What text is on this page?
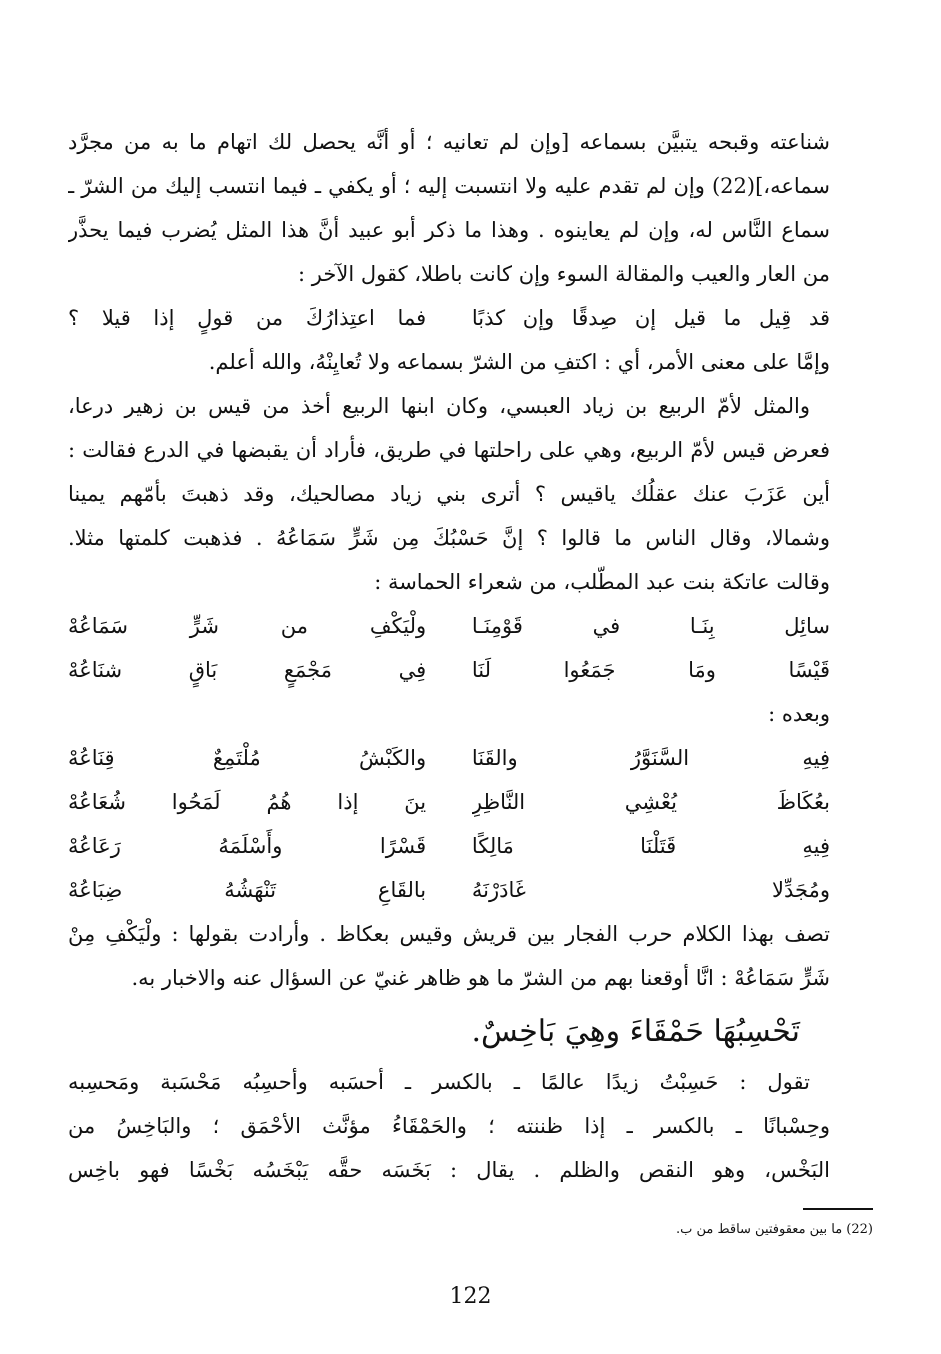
شناعته وقبحه يتبيَّن بسماعه [وإن لم تعانيه ؛ أو أنَّه يحصل لك اتهام ما به من مجرَّد
سماعه،](22) وإن لم تقدم عليه ولا انتسبت إليه ؛ أو يكفي ـ فيما انتسب إليك من الشرّ ـ
سماع النَّاس له، وإن لم يعاينوه . وهذا ما ذكر أبو عبيد أنَّ هذا المثل يُضرب فيما يحذَّر
من العار والعيب والمقالة السوء وإن كانت باطلا، كقول الآخر :
قد قِيل ما قيل إن صِدقًا وإن كذبًا
فما اعتِذارُكَ من قولٍ إذا قيلا ؟
وإمَّا على معنى الأمر، أي : اكتفِ من الشرّ بسماعه ولا تُعايِنْهُ، والله أعلم.
والمثل لأمّ الربيع بن زياد العبسي، وكان ابنها الربيع أخذ من قيس بن زهير درعا،
فعرض قيس لأمّ الربيع، وهي على راحلتها في طريق، فأراد أن يقبضها في الدرع فقالت :
أين عَزَبَ عنك عقلُك ياقيس ؟ أترى بني زياد مصالحيك، وقد ذهبتَ بأمّهم يمينا
وشمالا، وقال الناس ما قالوا ؟ إنَّ حَسْبُكَ مِن شَرٍّ سَمَاعُهُ . فذهبت كلمتها مثلا.
وقالت عاتكة بنت عبد المطّلب، من شعراء الحماسة :
سائِل بِنَـا في قَوْمِنَـا
ولْيَكْفِ من شَرٍّ سَمَاعُهْ
قَيْسًا ومَا جَمَعُوا لَنَا
فِي مَجْمَعٍ بَاقٍ شنَاعُهْ
وبعده :
فِيهِ السَّنَوَّرُ والقَنَا
والكَبْشُ مُلْتَمِعٌ قِنَاعُهْ
بعُكَاظَ يُعْشِي النَّاظِرِ
ينَ إذا هُمُ لَمَحُوا شُعَاعُهْ
فِيهِ قَتَلْنَا مَالِكًا
قَسْرًا وأَسْلَمَهُ رَعَاعُهْ
ومُجَدِّلا غَادَرْنَهُ
بالقَاعِ تَنْهَشُهُ ضِبَاعُهْ
تصف بهذا الكلام حرب الفجار بين قريش وقيس بعكاظ . وأرادت بقولها : ولْيَكْفِ مِنْ
شَرٍّ سَمَاعُهْ : انَّا أوقعنا بهم من الشرّ ما هو ظاهر غنيّ عن السؤال عنه والاخبار به.
تَحْسِبُهَا حَمْقَاءَ وهِيَ بَاخِسٌ.
تقول : حَسِبْتُ زيدًا عالمًا ـ بالكسر ـ أحسَبه وأحسِبُه مَحْسَبة ومَحسِبه
وحِسْبانًا ـ بالكسر ـ إذا ظننته ؛ والحَمْقَاءُ مؤنَّث الأحْمَق ؛ والبَاخِسُ من
البَخْس، وهو النقص والظلم . يقال : بَخَسَه حقَّه يَبْخَسُه بَخْسًا فهو باخِس
(22) ما بين معقوفتين ساقط من ب.
122
